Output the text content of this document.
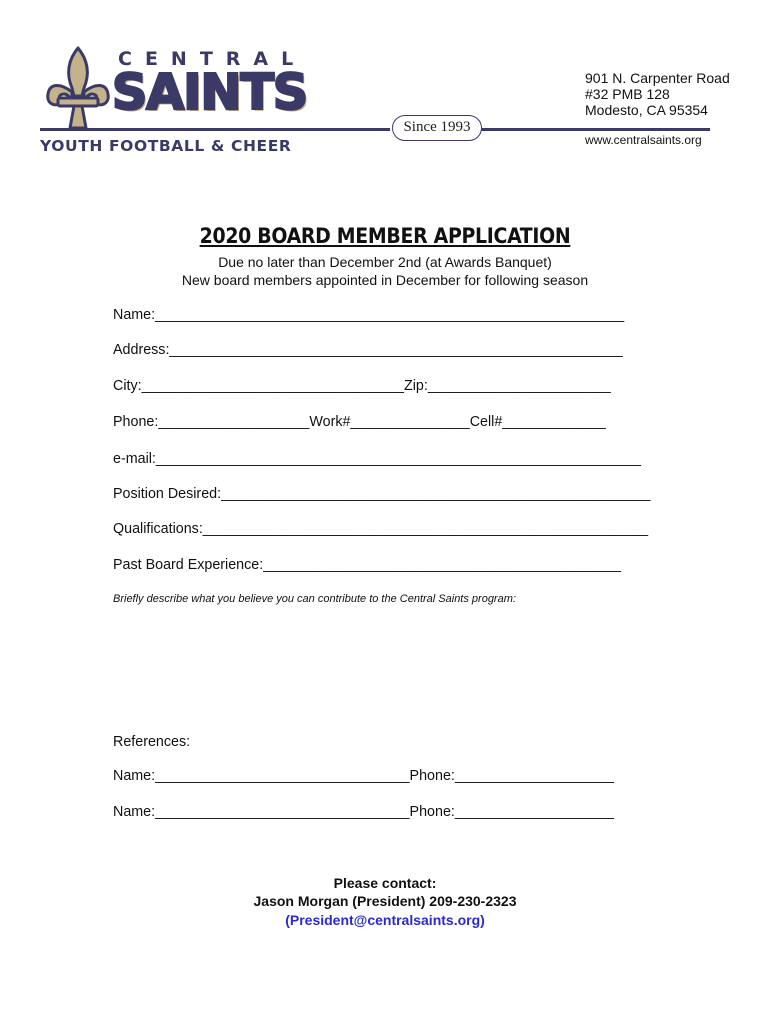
CENTRAL
SAINTS
YOUTH FOOTBALL & CHEER
Since 1993
901 N. Carpenter Road
#32 PMB 128
Modesto, CA 95354
www.centralsaints.org
2020 BOARD MEMBER APPLICATION
Due no later than December 2nd (at Awards Banquet)
New board members appointed in December for following season
Name:___________________________________________________________
Address:_________________________________________________________
City:_________________________________Zip:_______________________
Phone:___________________Work#_______________Cell#_____________
e-mail:_____________________________________________________________
Position Desired:______________________________________________________
Qualifications:________________________________________________________
Past Board Experience:_____________________________________________
Briefly describe what you believe you can contribute to the Central Saints program:
References:
Name:________________________________Phone:____________________
Name:________________________________Phone:____________________
Please contact:
Jason Morgan (President) 209-230-2323
(President@centralsaints.org)
